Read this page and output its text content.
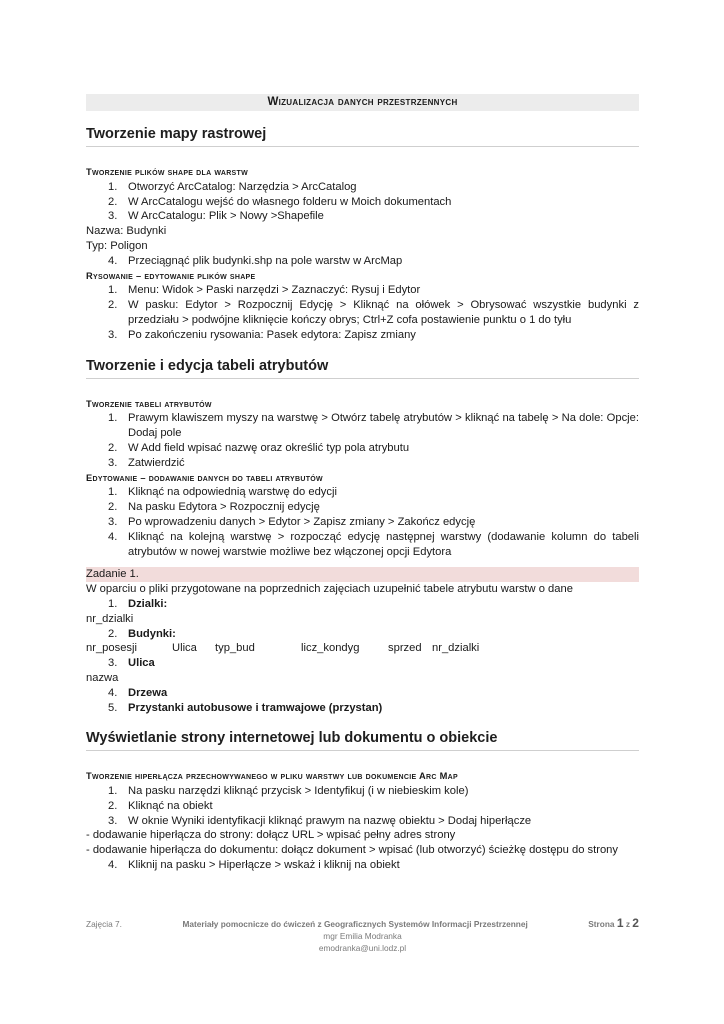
Wizualizacja danych przestrzennych
Tworzenie mapy rastrowej
Tworzenie plików shape dla warstw
1. Otworzyć ArcCatalog: Narzędzia > ArcCatalog
2. W ArcCatalogu wejść do własnego folderu w Moich dokumentach
3. W ArcCatalogu: Plik > Nowy >Shapefile
Nazwa: Budynki
Typ: Poligon
4. Przeciągnąć plik budynki.shp na pole warstw w ArcMap
Rysowanie – edytowanie plików shape
1. Menu: Widok > Paski narzędzi > Zaznaczyć: Rysuj i Edytor
2. W pasku: Edytor > Rozpocznij Edycję > Kliknąć na ołówek > Obrysować wszystkie budynki z przedziału > podwójne kliknięcie kończy obrys; Ctrl+Z cofa postawienie punktu o 1 do tyłu
3. Po zakończeniu rysowania: Pasek edytora: Zapisz zmiany
Tworzenie i edycja tabeli atrybutów
Tworzenie tabeli atrybutów
1. Prawym klawiszem myszy na warstwę > Otwórz tabelę atrybutów > kliknąć na tabelę > Na dole: Opcje: Dodaj pole
2. W Add field wpisać nazwę oraz określić typ pola atrybutu
3. Zatwierdzić
Edytowanie – dodawanie danych do tabeli atrybutów
1. Kliknąć na odpowiednią warstwę do edycji
2. Na pasku Edytora > Rozpocznij edycję
3. Po wprowadzeniu danych > Edytor > Zapisz zmiany > Zakończ edycję
4. Kliknąć na kolejną warstwę > rozpocząć edycję następnej warstwy (dodawanie kolumn do tabeli atrybutów w nowej warstwie możliwe bez włączonej opcji Edytora
Zadanie 1.
W oparciu o pliki przygotowane na poprzednich zajęciach uzupełnić tabele atrybutu warstw o dane
1. Dzialki:
nr_dzialki
2. Budynki:
nr_posesji	Ulica	typ_bud	licz_kondyg	sprzed nr_dzialki
3. Ulica
nazwa
4. Drzewa
5. Przystanki autobusowe i tramwajowe (przystan)
Wyświetlanie strony internetowej lub dokumentu o obiekcie
Tworzenie hiperłącza przechowywanego w pliku warstwy lub dokumencie Arc Map
1. Na pasku narzędzi kliknąć przycisk > Identyfikuj (i w niebieskim kole)
2. Kliknąć na obiekt
3. W oknie Wyniki identyfikacji kliknąć prawym na nazwę obiektu > Dodaj hiperłącze
- dodawanie hiperłącza do strony: dołącz URL > wpisać pełny adres strony
- dodawanie hiperłącza do dokumentu: dołącz dokument > wpisać (lub otworzyć) ścieżkę dostępu do strony
4. Kliknij na pasku > Hiperłącze > wskaż i kliknij na obiekt
Zajęcia 7.	Materiały pomocnicze do ćwiczeń z Geograficznych Systemów Informacji Przestrzennej	Strona 1 z 2
mgr Emilia Modranka
emodranka@uni.lodz.pl
